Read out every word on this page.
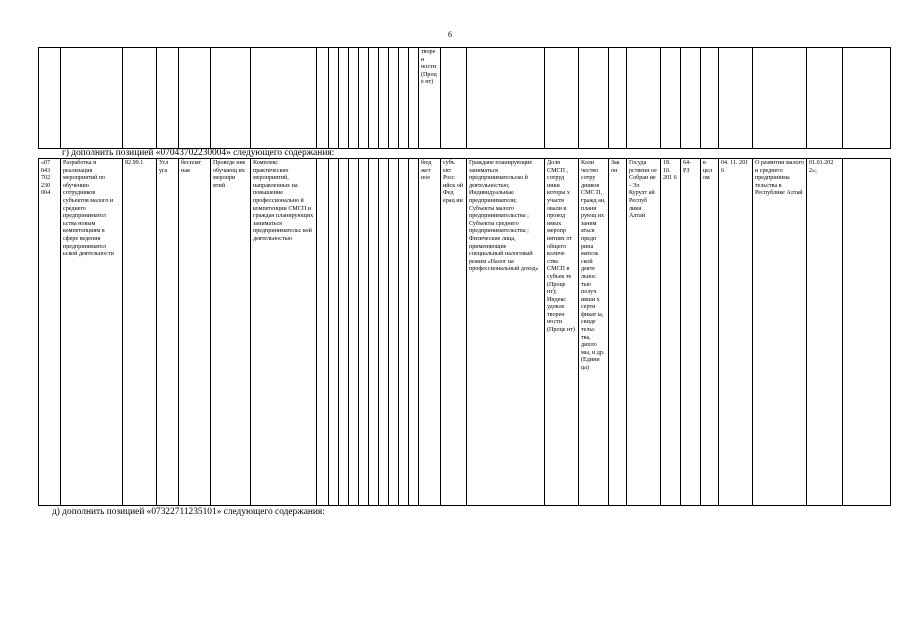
6
																	творен ности (Проце нт)													
г) дополнить позицией «07043702230004» следующего содержания:
«07 043 702 230 004	Разработка и реализация мероприятий по обучению сотрудников субъектов малого и среднего предпринимател ьства новым компетенциям в сфере ведения предпринимател ьской деятельности	82.99.1	Усл уга	бесплат ная	Проведе ние обучающ их меропри ятий	Комплекс практических мероприятий, направленных на повышение профессионально й компетенции СМСП и граждан планирующих заниматься предпринимательс кой деятельностью											бюд жет ное	субъ ект Росс ийск ой Фед ерац ии	Граждане планирующие заниматься предпринимательско й деятельностью; Индивидуальные предприниматели; Субъекты малого предпринимательства ; Субъекты среднего предпринимательства ; Физические лица, применяющие специальный налоговый режим «Налог на профессиональный доход»	Доля СМСП , сотруд ники которы х участв овали в провод имых меропр иятиях от общего количе ства СМСП в субъек те (Проце нт); Индекс удовле творен ности (Проце нт)	Коли чество сотру дников СМС П, гражд ан, плани рующ их заним аться предп рина матель ской деяте льнос тью получ ивши х серти фикат ы, свиде тельс тва, дипло мы, и др. (Едини ца)	Зак он	Госуда рственн ое Собран ие - Эл Курулт ай Респуб лики Алтай	18. 10. 201 6	64- РЗ	в цел ом	04. 11. 201 6	О развитии малого и среднего предпринима тельства в Республике Алтай	01.01.202 2»;	
д) дополнить позицией «07322711235101» следующего содержания:
